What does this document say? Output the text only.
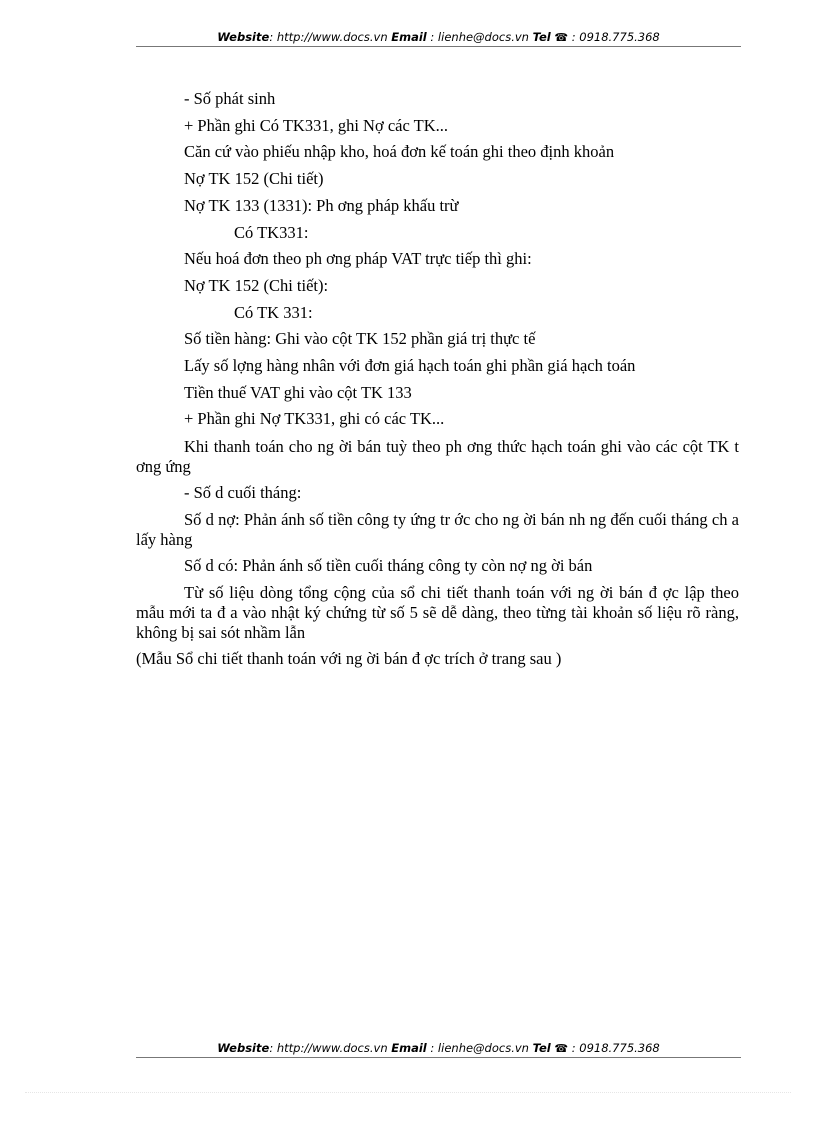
Website: http://www.docs.vn Email : lienhe@docs.vn Tel ☎ : 0918.775.368

- Số phát sinh

+ Phần ghi Có TK331, ghi Nợ các TK...

Căn cứ vào phiếu nhập kho, hoá đơn kế toán ghi theo định khoản

Nợ TK 152 (Chi tiết)

Nợ TK 133 (1331): Ph ơng pháp khấu trừ

Có TK331:

Nếu hoá đơn theo ph ơng pháp VAT trực tiếp thì ghi:

Nợ TK 152 (Chi tiết):

Có TK 331:

Số tiền hàng: Ghi vào cột TK 152 phần giá trị thực tế

Lấy số lợng hàng nhân với đơn giá hạch toán ghi phần giá hạch toán

Tiền thuế VAT ghi vào cột TK 133

+ Phần ghi Nợ TK331, ghi có các TK...

Khi thanh toán cho ng ời bán tuỳ theo ph ơng thức hạch toán ghi vào các cột TK t ơng ứng

- Số d cuối tháng:

Số d nợ: Phản ánh số tiền công ty ứng tr ớc cho ng ời bán nh ng đến cuối tháng ch a lấy hàng

Số d có: Phản ánh số tiền cuối tháng công ty còn nợ ng ời bán

Từ số liệu dòng tổng cộng của sổ chi tiết thanh toán với ng ời bán đ ợc lập theo mẫu mới ta đ a vào nhật ký chứng từ số 5 sẽ dễ dàng, theo từng tài khoản số liệu rõ ràng, không bị sai sót nhầm lẫn

(Mẫu Sổ chi tiết thanh toán với ng ời bán đ ợc trích ở trang sau )

Website: http://www.docs.vn Email : lienhe@docs.vn Tel ☎ : 0918.775.368
